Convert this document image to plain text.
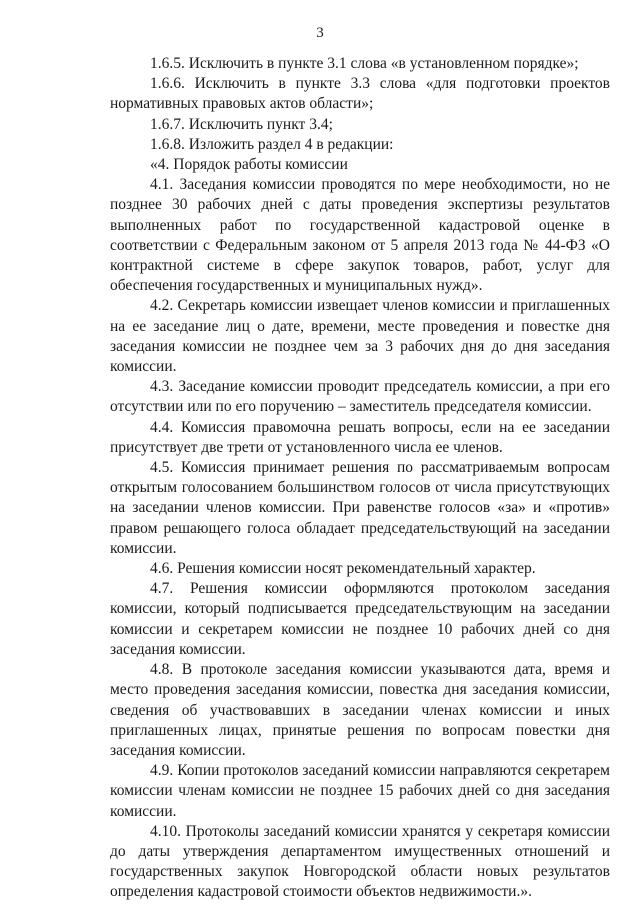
3

1.6.5. Исключить в пункте 3.1 слова «в установленном порядке»;

1.6.6. Исключить в пункте 3.3 слова «для подготовки проектов нормативных правовых актов области»;

1.6.7. Исключить пункт 3.4;

1.6.8. Изложить раздел 4 в редакции:

«4. Порядок работы комиссии

4.1. Заседания комиссии проводятся по мере необходимости, но не позднее 30 рабочих дней с даты проведения экспертизы результатов выполненных работ по государственной кадастровой оценке в соответствии с Федеральным законом от 5 апреля 2013 года № 44-ФЗ «О контрактной системе в сфере закупок товаров, работ, услуг для обеспечения государственных и муниципальных нужд».

4.2. Секретарь комиссии извещает членов комиссии и приглашенных на ее заседание лиц о дате, времени, месте проведения и повестке дня заседания комиссии не позднее чем за 3 рабочих дня до дня заседания комиссии.

4.3. Заседание комиссии проводит председатель комиссии, а при его отсутствии или по его поручению – заместитель председателя комиссии.

4.4. Комиссия правомочна решать вопросы, если на ее заседании присутствует две трети от установленного числа ее членов.

4.5. Комиссия принимает решения по рассматриваемым вопросам открытым голосованием большинством голосов от числа присутствующих на заседании членов комиссии. При равенстве голосов «за» и «против» правом решающего голоса обладает председательствующий на заседании комиссии.

4.6. Решения комиссии носят рекомендательный характер.

4.7. Решения комиссии оформляются протоколом заседания комиссии, который подписывается председательствующим на заседании комиссии и секретарем комиссии не позднее 10 рабочих дней со дня заседания комиссии.

4.8. В протоколе заседания комиссии указываются дата, время и место проведения заседания комиссии, повестка дня заседания комиссии, сведения об участвовавших в заседании членах комиссии и иных приглашенных лицах, принятые решения по вопросам повестки дня заседания комиссии.

4.9. Копии протоколов заседаний комиссии направляются секретарем комиссии членам комиссии не позднее 15 рабочих дней со дня заседания комиссии.

4.10. Протоколы заседаний комиссии хранятся у секретаря комиссии до даты утверждения департаментом имущественных отношений и государственных закупок Новгородской области новых результатов определения кадастровой стоимости объектов недвижимости.».
